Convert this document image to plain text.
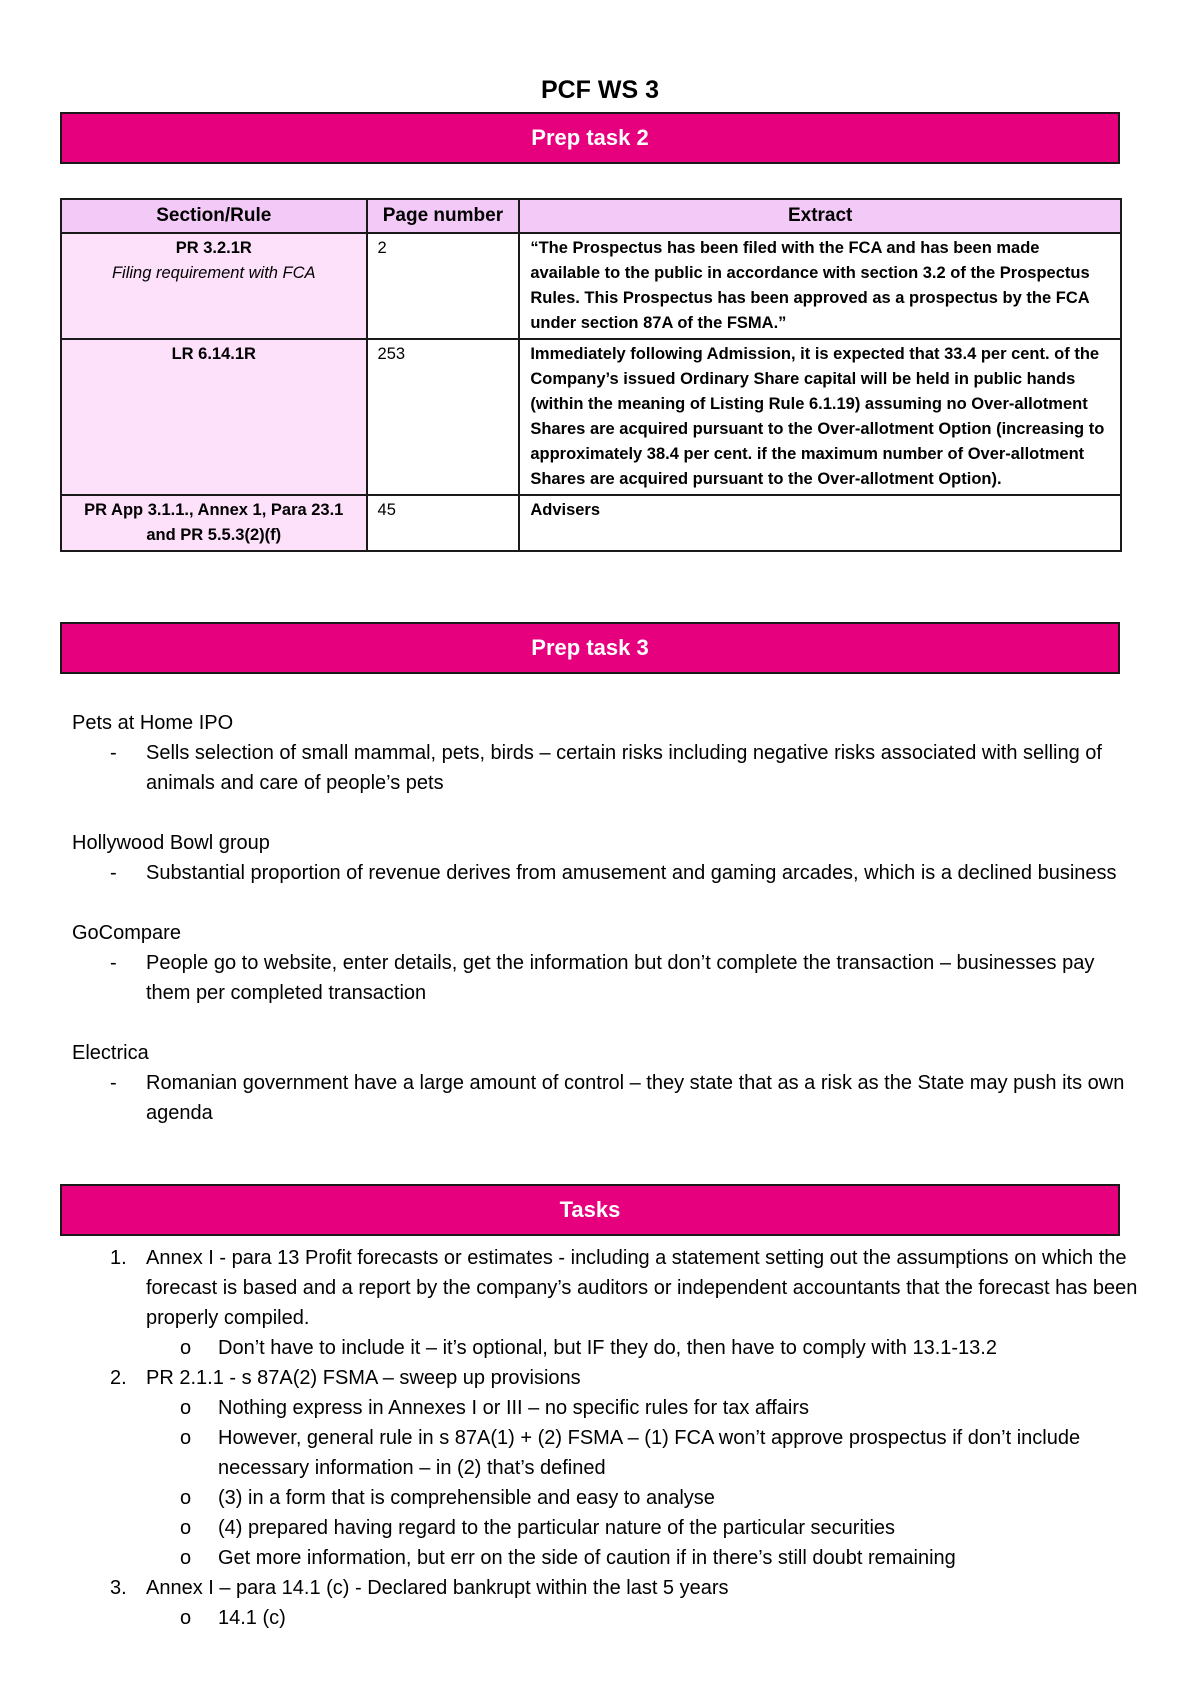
PCF WS 3
Prep task 2
Section/Rule	Page number	Extract
PR 3.2.1R
Filing requirement with FCA	2	“The Prospectus has been filed with the FCA and has been made available to the public in accordance with section 3.2 of the Prospectus Rules. This Prospectus has been approved as a prospectus by the FCA under section 87A of the FSMA.”
LR 6.14.1R	253	Immediately following Admission, it is expected that 33.4 per cent. of the Company’s issued Ordinary Share capital will be held in public hands (within the meaning of Listing Rule 6.1.19) assuming no Over-allotment Shares are acquired pursuant to the Over-allotment Option (increasing to approximately 38.4 per cent. if the maximum number of Over-allotment Shares are acquired pursuant to the Over-allotment Option).
PR App 3.1.1., Annex 1, Para 23.1 and PR 5.5.3(2)(f)	45	Advisers
Prep task 3
Pets at Home IPO
- Sells selection of small mammal, pets, birds – certain risks including negative risks associated with selling of animals and care of people’s pets
Hollywood Bowl group
- Substantial proportion of revenue derives from amusement and gaming arcades, which is a declined business
GoCompare
- People go to website, enter details, get the information but don’t complete the transaction – businesses pay them per completed transaction
Electrica
- Romanian government have a large amount of control – they state that as a risk as the State may push its own agenda
Tasks
1. Annex I - para 13 Profit forecasts or estimates - including a statement setting out the assumptions on which the forecast is based and a report by the company’s auditors or independent accountants that the forecast has been properly compiled.
o Don’t have to include it – it’s optional, but IF they do, then have to comply with 13.1-13.2
2. PR 2.1.1 - s 87A(2) FSMA – sweep up provisions
o Nothing express in Annexes I or III – no specific rules for tax affairs
o However, general rule in s 87A(1) + (2) FSMA – (1) FCA won’t approve prospectus if don’t include necessary information – in (2) that’s defined
o (3) in a form that is comprehensible and easy to analyse
o (4) prepared having regard to the particular nature of the particular securities
o Get more information, but err on the side of caution if in there’s still doubt remaining
3. Annex I – para 14.1 (c) - Declared bankrupt within the last 5 years
o 14.1 (c)
